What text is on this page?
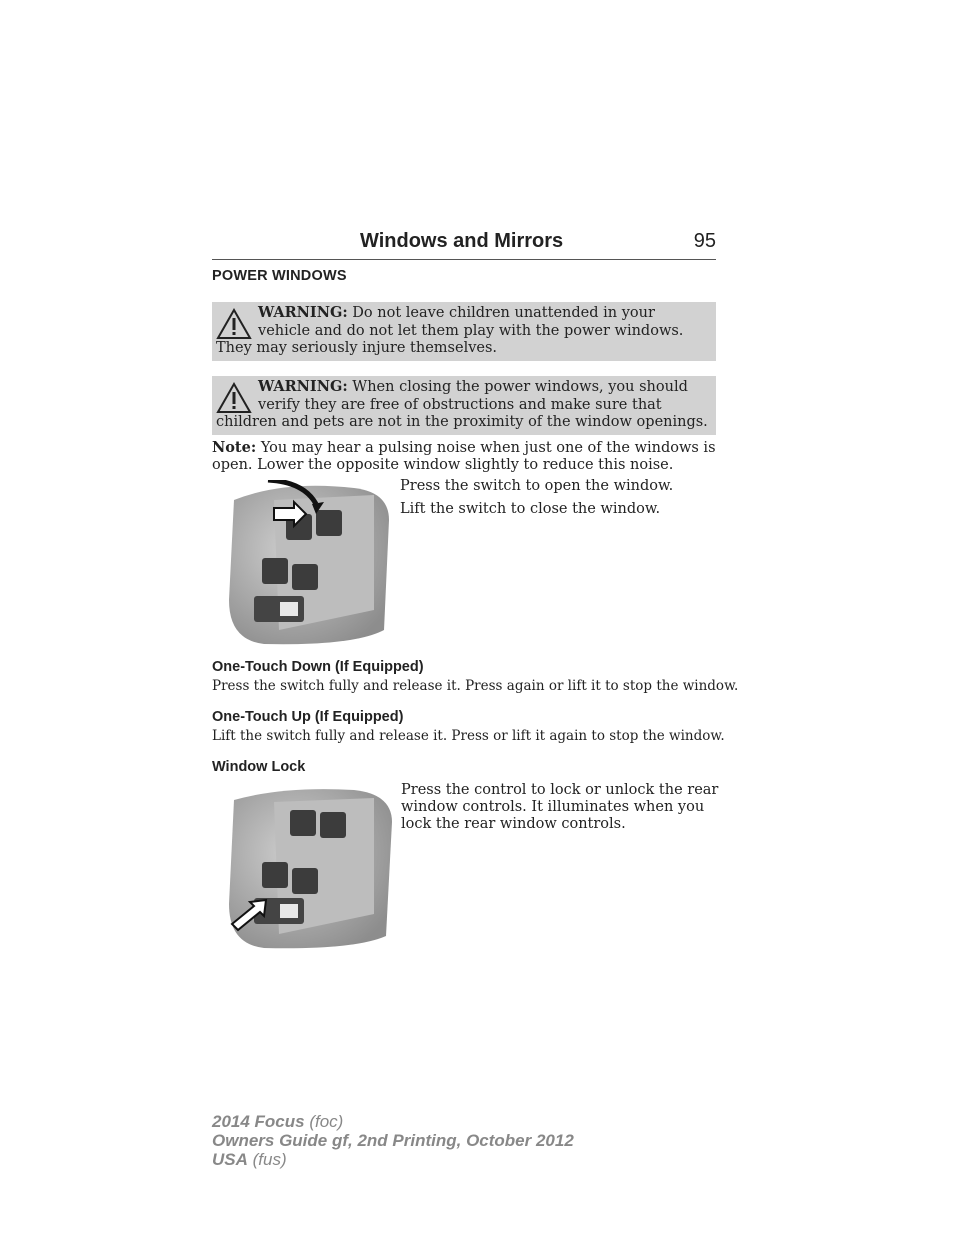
Windows and Mirrors	95
POWER WINDOWS
WARNING: Do not leave children unattended in your vehicle and do not let them play with the power windows. They may seriously injure themselves.
WARNING: When closing the power windows, you should verify they are free of obstructions and make sure that children and pets are not in the proximity of the window openings.
Note: You may hear a pulsing noise when just one of the windows is open. Lower the opposite window slightly to reduce this noise.
Press the switch to open the window.
Lift the switch to close the window.
One-Touch Down (If Equipped)
Press the switch fully and release it. Press again or lift it to stop the window.
One-Touch Up (If Equipped)
Lift the switch fully and release it. Press or lift it again to stop the window.
Window Lock
Press the control to lock or unlock the rear window controls. It illuminates when you lock the rear window controls.
2014 Focus (foc)
Owners Guide gf, 2nd Printing, October 2012
USA (fus)
